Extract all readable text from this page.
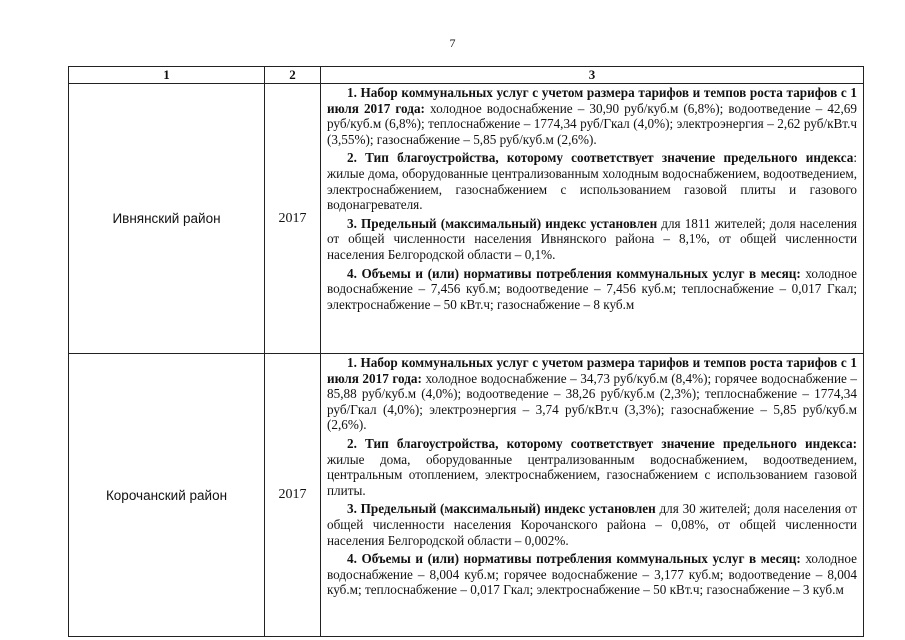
7
1	2	3
Ивнянский район	2017	1. Набор коммунальных услуг с учетом размера тарифов и темпов роста тарифов с 1 июля 2017 года: холодное водоснабжение – 30,90 руб/куб.м (6,8%); водоотведение – 42,69 руб/куб.м (6,8%); теплоснабжение – 1774,34 руб/Гкал (4,0%); электроэнергия – 2,62 руб/кВт.ч (3,55%); газоснабжение – 5,85 руб/куб.м (2,6%).

2. Тип благоустройства, которому соответствует значение предельного индекса: жилые дома, оборудованные централизованным холодным водоснабжением, водоотведением, электроснабжением, газоснабжением с использованием газовой плиты и газового водонагревателя.

3. Предельный (максимальный) индекс установлен для 1811 жителей; доля населения от общей численности населения Ивнянского района – 8,1%, от общей численности населения Белгородской области – 0,1%.

4. Объемы и (или) нормативы потребления коммунальных услуг в месяц: холодное водоснабжение – 7,456 куб.м; водоотведение – 7,456 куб.м; теплоснабжение – 0,017 Гкал; электроснабжение – 50 кВт.ч; газоснабжение – 8 куб.м

Корочанский район	2017	1. Набор коммунальных услуг с учетом размера тарифов и темпов роста тарифов с 1 июля 2017 года: холодное водоснабжение – 34,73 руб/куб.м (8,4%); горячее водоснабжение – 85,88 руб/куб.м (4,0%); водоотведение – 38,26 руб/куб.м (2,3%); теплоснабжение – 1774,34 руб/Гкал (4,0%); электроэнергия – 3,74 руб/кВт.ч (3,3%); газоснабжение – 5,85 руб/куб.м (2,6%).

2. Тип благоустройства, которому соответствует значение предельного индекса: жилые дома, оборудованные централизованным водоснабжением, водоотведением, центральным отоплением, электроснабжением, газоснабжением с использованием газовой плиты.

3. Предельный (максимальный) индекс установлен для 30 жителей; доля населения от общей численности населения Корочанского района – 0,08%, от общей численности населения Белгородской области – 0,002%.

4. Объемы и (или) нормативы потребления коммунальных услуг в месяц: холодное водоснабжение – 8,004 куб.м; горячее водоснабжение – 3,177 куб.м; водоотведение – 8,004 куб.м; теплоснабжение – 0,017 Гкал; электроснабжение – 50 кВт.ч; газоснабжение – 3 куб.м
